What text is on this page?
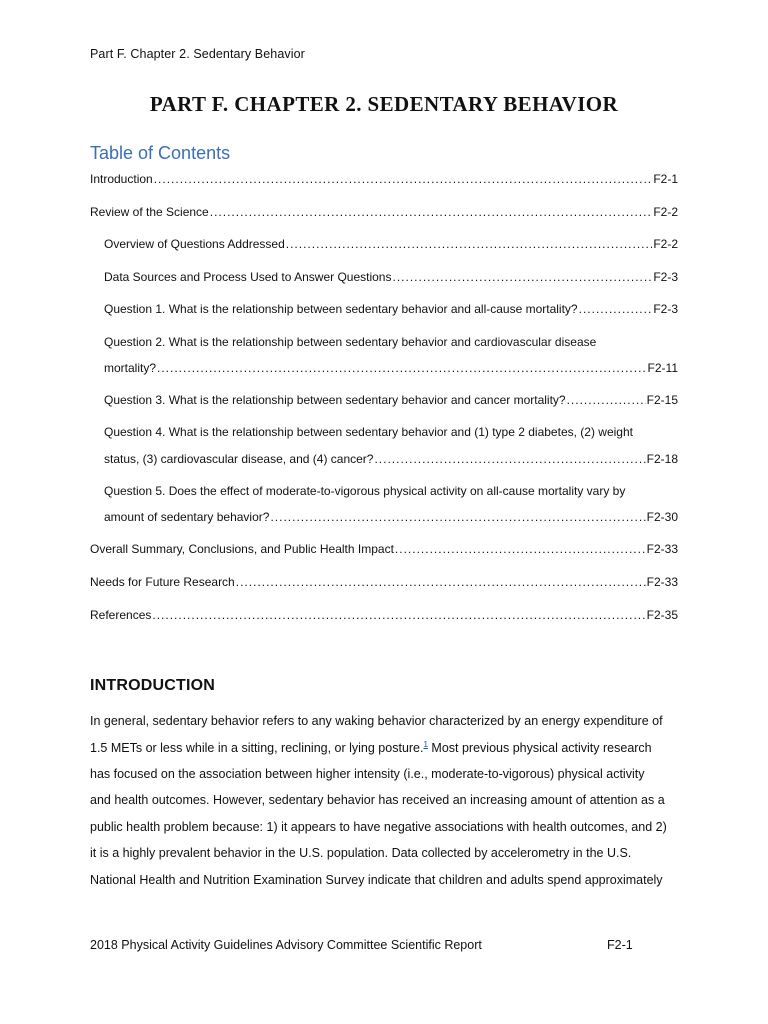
Part F. Chapter 2. Sedentary Behavior
PART F. CHAPTER 2. SEDENTARY BEHAVIOR
Table of Contents
Introduction .....	F2-1
Review of the Science .....	F2-2
Overview of Questions Addressed .....	F2-2
Data Sources and Process Used to Answer Questions .....	F2-3
Question 1. What is the relationship between sedentary behavior and all-cause mortality? .....	F2-3
Question 2. What is the relationship between sedentary behavior and cardiovascular disease
mortality? .....	F2-11
Question 3. What is the relationship between sedentary behavior and cancer mortality? .....	F2-15
Question 4. What is the relationship between sedentary behavior and (1) type 2 diabetes, (2) weight
status, (3) cardiovascular disease, and (4) cancer? .....	F2-18
Question 5. Does the effect of moderate-to-vigorous physical activity on all-cause mortality vary by
amount of sedentary behavior? .....	F2-30
Overall Summary, Conclusions, and Public Health Impact .....	F2-33
Needs for Future Research .....	F2-33
References .....	F2-35
INTRODUCTION
In general, sedentary behavior refers to any waking behavior characterized by an energy expenditure of
1.5 METs or less while in a sitting, reclining, or lying posture.$^1$ Most previous physical activity research
has focused on the association between higher intensity (i.e., moderate-to-vigorous) physical activity
and health outcomes. However, sedentary behavior has received an increasing amount of attention as a
public health problem because: 1) it appears to have negative associations with health outcomes, and 2)
it is a highly prevalent behavior in the U.S. population. Data collected by accelerometry in the U.S.
National Health and Nutrition Examination Survey indicate that children and adults spend approximately
2018 Physical Activity Guidelines Advisory Committee Scientific Report	F2-1
